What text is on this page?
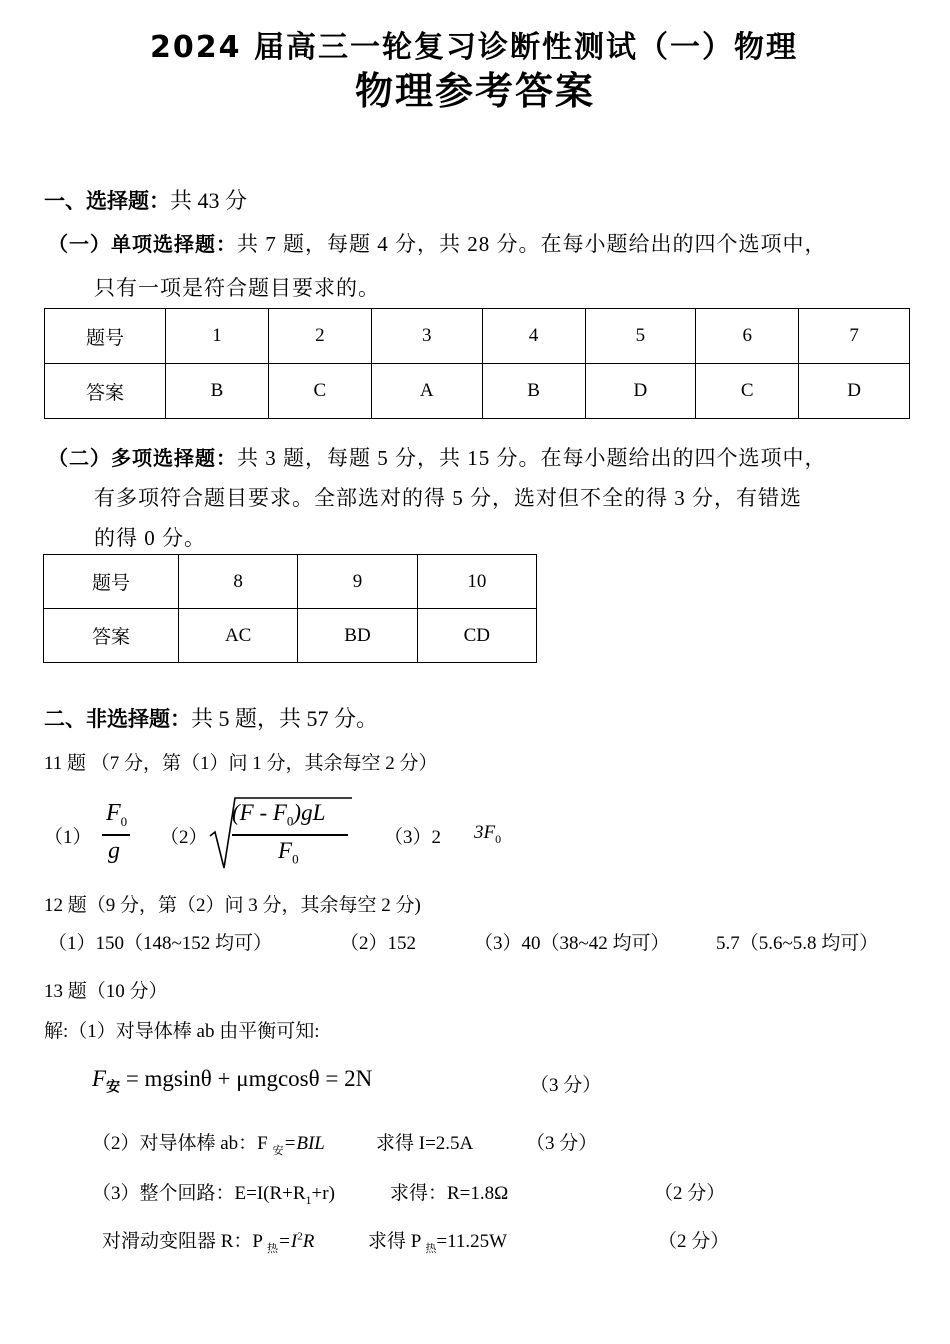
2024 届高三一轮复习诊断性测试（一）物理
物理参考答案
一、选择题：共 43 分
（一）单项选择题：共 7 题，每题 4 分，共 28 分。在每小题给出的四个选项中，
只有一项是符合题目要求的。
题号	1	2	3	4	5	6	7
答案	B	C	A	B	D	C	D
（二）多项选择题：共 3 题，每题 5 分，共 15 分。在每小题给出的四个选项中，
有多项符合题目要求。全部选对的得 5 分，选对但不全的得 3 分，有错选
的得 0 分。
题号	8	9	10
答案	AC	BD	CD
二、非选择题：共 5 题，共 57 分。
11 题 （7 分，第（1）问 1 分，其余每空 2 分）
（1）
$F_0$
g
（2）
$(F - F_0)gL$
$F_0$
（3）2 $3F_0$
12 题（9 分，第（2）问 3 分，其余每空 2 分)
（1）150（148~152 均可）	（2）152	（3）40（38~42 均可） 5.7（5.6~5.8 均可）
13 题（10 分）
解:（1）对导体棒 ab 由平衡可知:
$F_安 = mgsin\theta + \mu mgcos\theta = 2N$	（3 分）
（2）对导体棒 ab：F $_安$=BIL	求得 I=2.5A	（3 分）
（3）整个回路：$E=I(R+R_1+r)$	求得：R=1.8Ω	（2 分）
对滑动变阻器 R：P $_热=I^2R$	求得 P $_热$=11.25W	（2 分）
